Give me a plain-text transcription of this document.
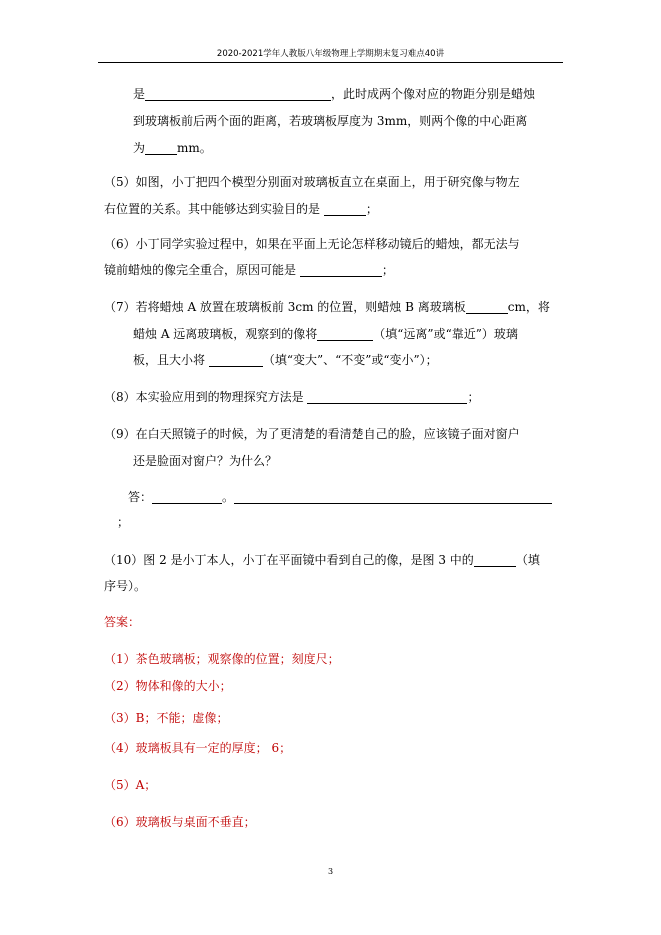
2020-2021学年人教版八年级物理上学期期末复习难点40讲
是	，此时成两个像对应的物距分别是蜡烛
到玻璃板前后两个面的距离，若玻璃板厚度为 3mm，则两个像的中心距离
为	mm。
（5）如图，小丁把四个模型分别面对玻璃板直立在桌面上，用于研究像与物左
右位置的关系。其中能够达到实验目的是	；
（6）小丁同学实验过程中，如果在平面上无论怎样移动镜后的蜡烛，都无法与
镜前蜡烛的像完全重合，原因可能是	；
（7）若将蜡烛 A 放置在玻璃板前 3cm 的位置，则蜡烛 B 离玻璃板	cm，将
蜡烛 A 远离玻璃板，观察到的像将	（填“远离”或“靠近”）玻璃
板，且大小将	（填“变大”、“不变”或“变小”）；
（8）本实验应用到的物理探究方法是	；
（9）在白天照镜子的时候，为了更清楚的看清楚自己的脸，应该镜子面对窗户
还是脸面对窗户？为什么？
答：	。
；
（10）图 2 是小丁本人，小丁在平面镜中看到自己的像，是图 3 中的	（填
序号）。
答案：
（1）茶色玻璃板；观察像的位置；刻度尺；
（2）物体和像的大小；
（3）B；不能；虚像；
（4）玻璃板具有一定的厚度； 6；
（5）A；
（6）玻璃板与桌面不垂直；
3
